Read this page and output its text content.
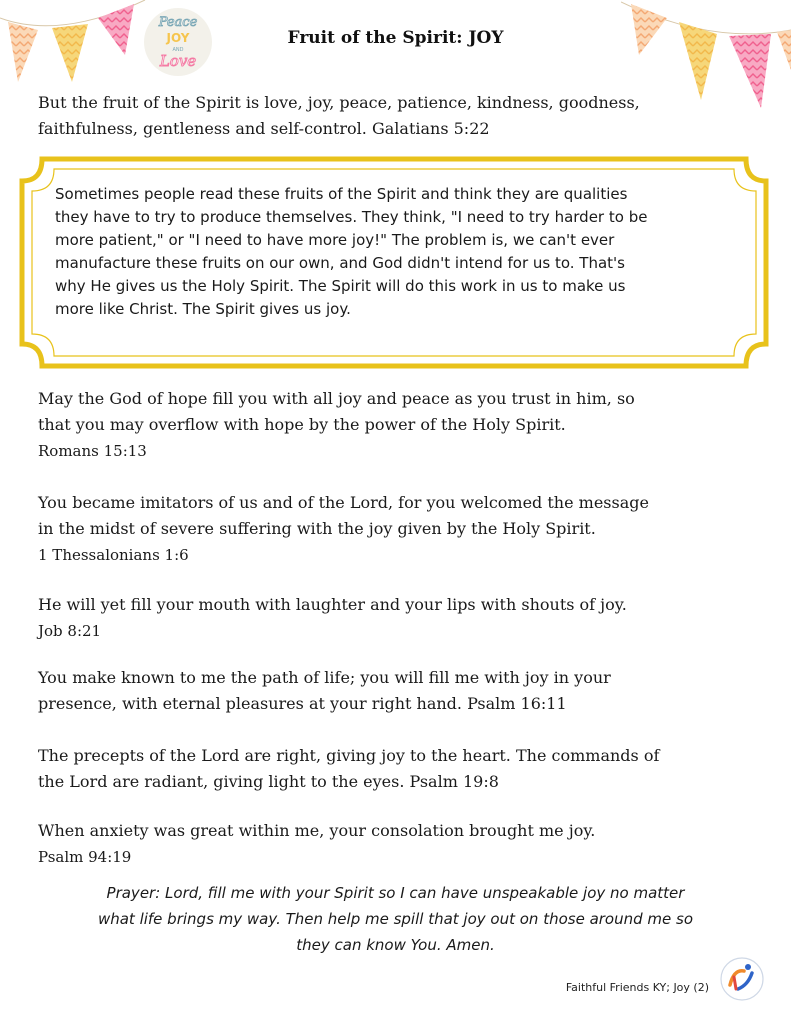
Peace
JOY
AND
Love
Fruit of the Spirit: JOY
But the fruit of the Spirit is love, joy, peace, patience, kindness, goodness,
faithfulness, gentleness and self-control. Galatians 5:22
Sometimes people read these fruits of the Spirit and think they are qualities
they have to try to produce themselves. They think, "I need to try harder to be
more patient," or "I need to have more joy!" The problem is, we can't ever
manufacture these fruits on our own, and God didn't intend for us to. That's
why He gives us the Holy Spirit. The Spirit will do this work in us to make us
more like Christ. The Spirit gives us joy.
May the God of hope fill you with all joy and peace as you trust in him, so
that you may overflow with hope by the power of the Holy Spirit.
Romans 15:13
You became imitators of us and of the Lord, for you welcomed the message
in the midst of severe suffering with the joy given by the Holy Spirit.
1 Thessalonians 1:6
He will yet fill your mouth with laughter and your lips with shouts of joy.
Job 8:21
You make known to me the path of life; you will fill me with joy in your
presence, with eternal pleasures at your right hand. Psalm 16:11
The precepts of the Lord are right, giving joy to the heart. The commands of
the Lord are radiant, giving light to the eyes. Psalm 19:8
When anxiety was great within me, your consolation brought me joy.
Psalm 94:19
Prayer: Lord, fill me with your Spirit so I can have unspeakable joy no matter
what life brings my way. Then help me spill that joy out on those around me so
they can know You. Amen.
Faithful Friends KY; Joy (2)
